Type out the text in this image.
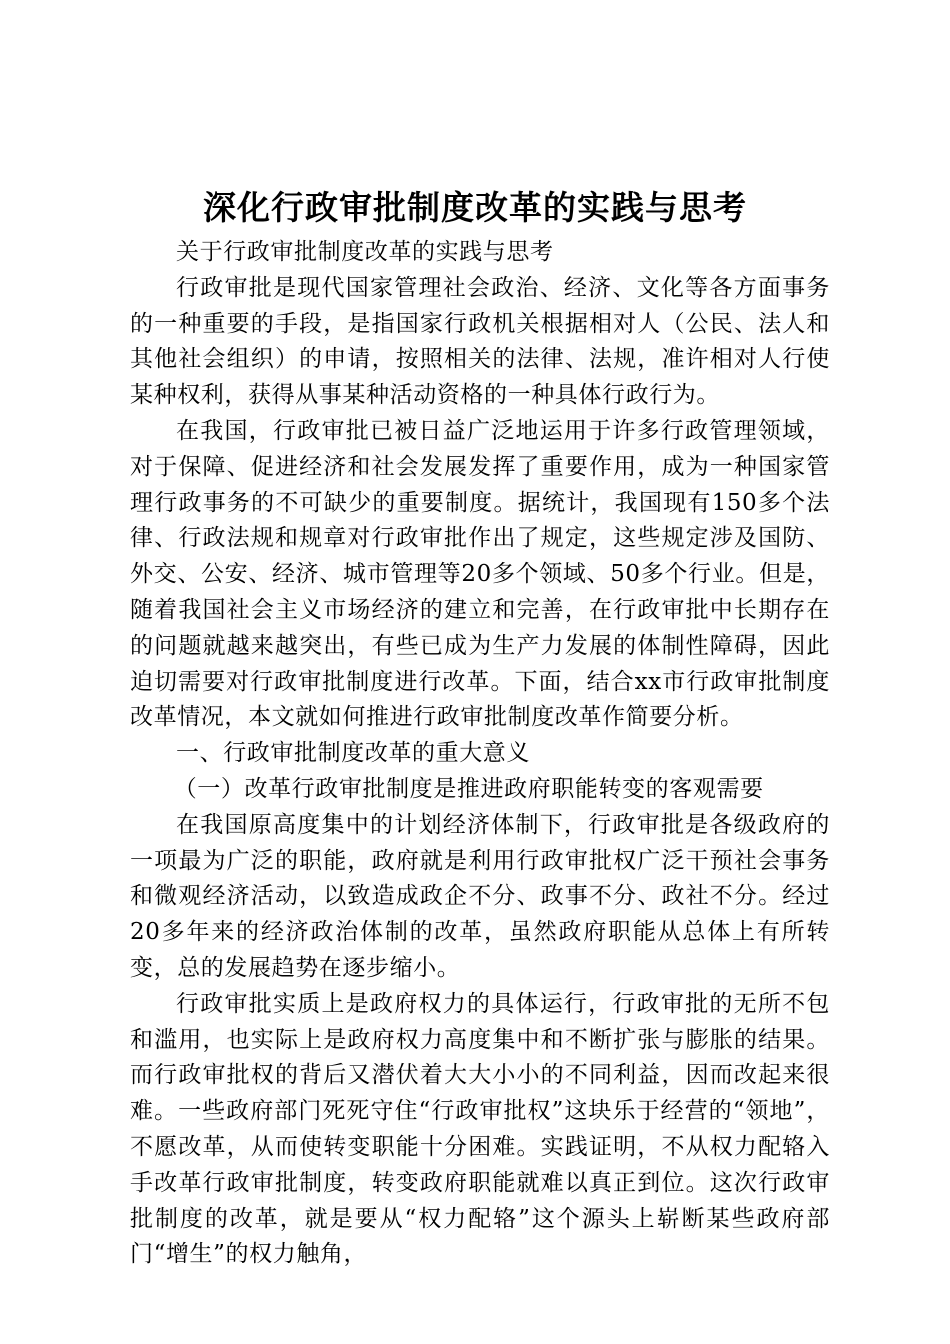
深化行政审批制度改革的实践与思考

关于行政审批制度改革的实践与思考

行政审批是现代国家管理社会政治、经济、文化等各方面事务的一种重要的手段，是指国家行政机关根据相对人（公民、法人和其他社会组织）的申请，按照相关的法律、法规，准许相对人行使某种权利，获得从事某种活动资格的一种具体行政行为。

在我国，行政审批已被日益广泛地运用于许多行政管理领域，对于保障、促进经济和社会发展发挥了重要作用，成为一种国家管理行政事务的不可缺少的重要制度。据统计，我国现有150多个法律、行政法规和规章对行政审批作出了规定，这些规定涉及国防、外交、公安、经济、城市管理等20多个领域、50多个行业。但是，随着我国社会主义市场经济的建立和完善，在行政审批中长期存在的问题就越来越突出，有些已成为生产力发展的体制性障碍，因此迫切需要对行政审批制度进行改革。下面，结合xx市行政审批制度改革情况，本文就如何推进行政审批制度改革作简要分析。

一、行政审批制度改革的重大意义

（一）改革行政审批制度是推进政府职能转变的客观需要

在我国原高度集中的计划经济体制下，行政审批是各级政府的一项最为广泛的职能，政府就是利用行政审批权广泛干预社会事务和微观经济活动，以致造成政企不分、政事不分、政社不分。经过20多年来的经济政治体制的改革，虽然政府职能从总体上有所转变，总的发展趋势在逐步缩小。

行政审批实质上是政府权力的具体运行，行政审批的无所不包和滥用，也实际上是政府权力高度集中和不断扩张与膨胀的结果。而行政审批权的背后又潜伏着大大小小的不同利益，因而改起来很难。一些政府部门死死守住“行政审批权”这块乐于经营的“领地”，不愿改革，从而使转变职能十分困难。实践证明，不从权力配辂入手改革行政审批制度，转变政府职能就难以真正到位。这次行政审批制度的改革，就是要从“权力配辂”这个源头上崭断某些政府部门“增生”的权力触角，
